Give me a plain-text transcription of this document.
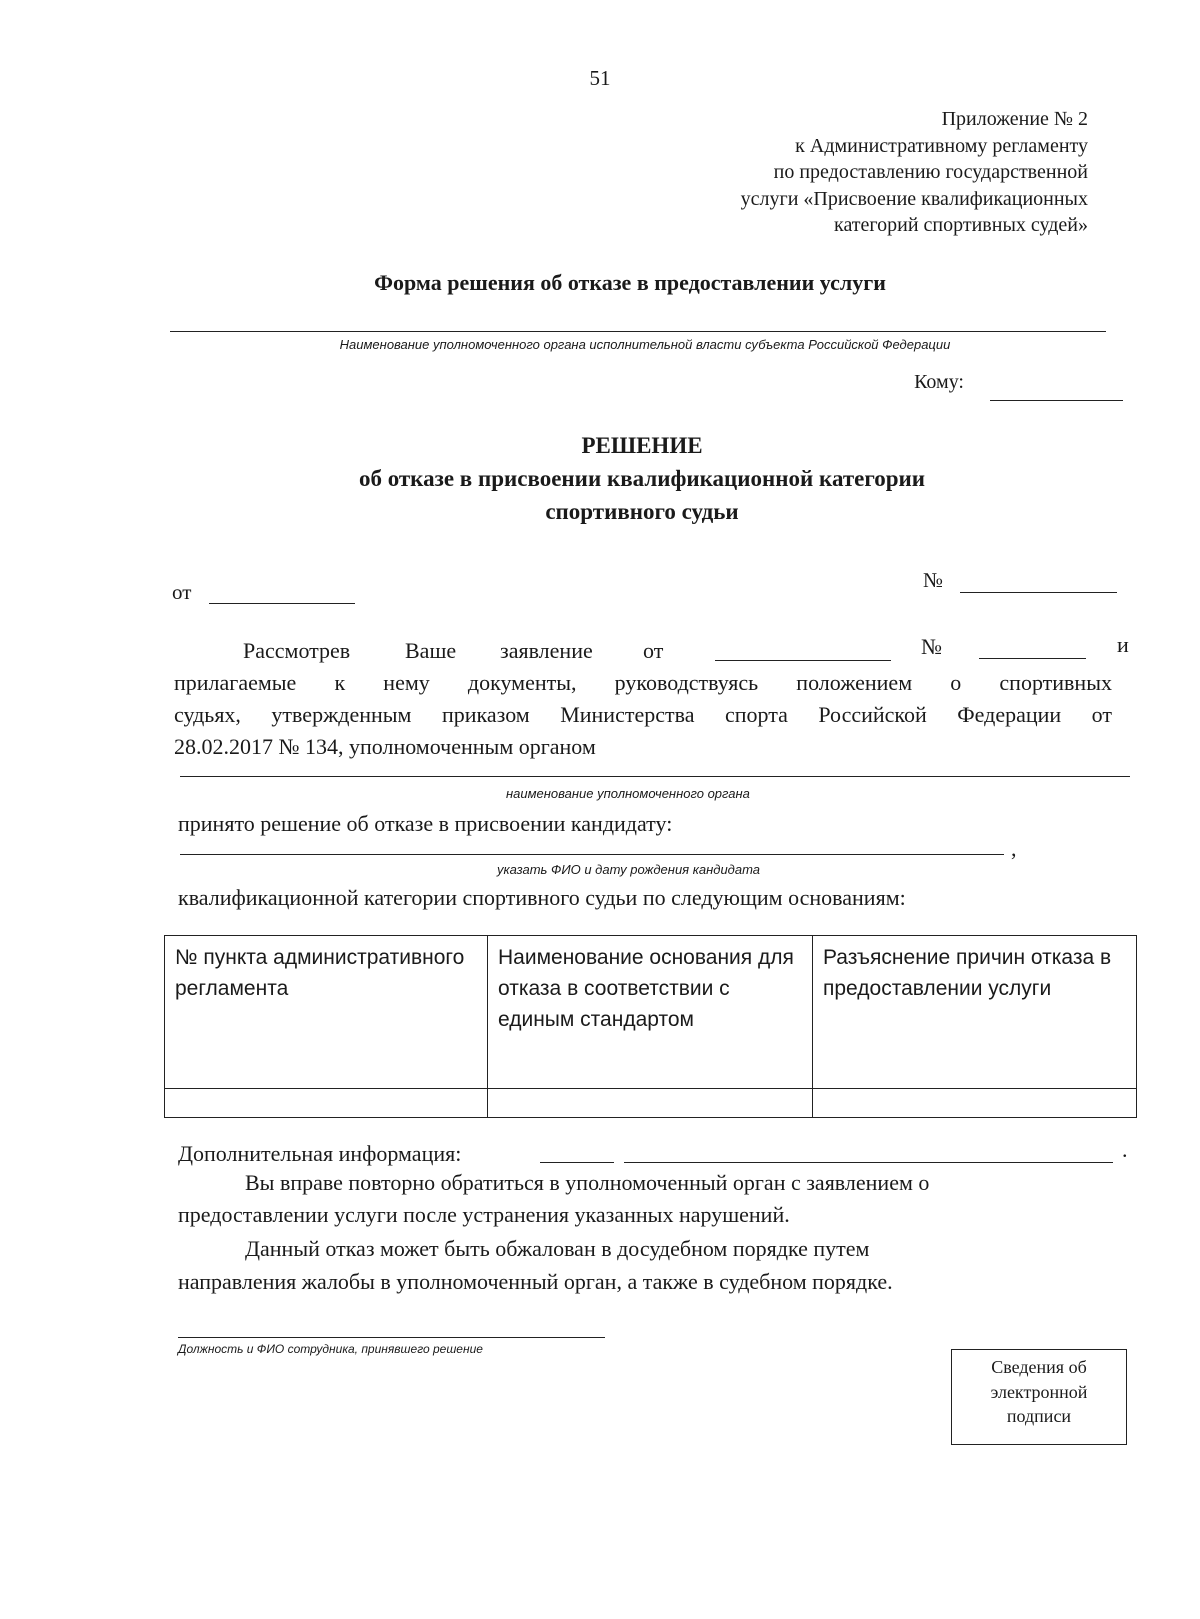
51
Приложение № 2
к Административному регламенту
по предоставлению государственной
услуги «Присвоение квалификационных
категорий спортивных судей»
Форма решения об отказе в предоставлении услуги
Наименование уполномоченного органа исполнительной власти субъекта Российской Федерации
Кому:
РЕШЕНИЕ
об отказе в присвоении квалификационной категории
спортивного судьи
от	№
Рассмотрев Ваше заявление от	№	и
прилагаемые к нему документы, руководствуясь положением о спортивных
судьях, утвержденным приказом Министерства спорта Российской Федерации от
28.02.2017 № 134, уполномоченным органом
наименование уполномоченного органа
принято решение об отказе в присвоении кандидату:
,
указать ФИО и дату рождения кандидата
квалификационной категории спортивного судьи по следующим основаниям:
№ пункта административного регламента	Наименование основания для отказа в соответствии с единым стандартом	Разъяснение причин отказа в предоставлении услуги

Дополнительная информация:	.
Вы вправе повторно обратиться в уполномоченный орган с заявлением о
предоставлении услуги после устранения указанных нарушений.
Данный отказ может быть обжалован в досудебном порядке путем
направления жалобы в уполномоченный орган, а также в судебном порядке.
Должность и ФИО сотрудника, принявшего решение
Сведения об
электронной
подписи
